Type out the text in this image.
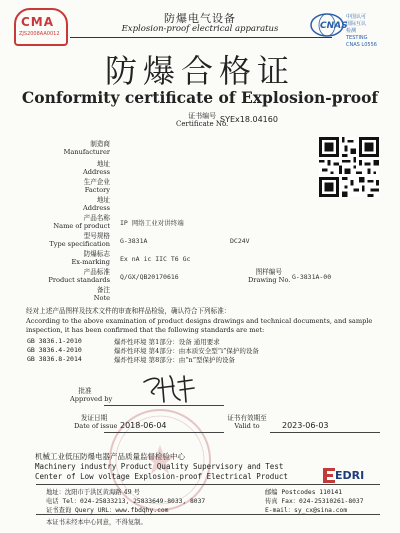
CMA
ZJS2008AA0012
CNAS
中国认可
国际互认
检测
TESTING
CNAS L0556
防爆电气设备
Explosion-proof electrical apparatus
防爆合格证
Conformity certificate of Explosion-proof
证书编号
Certificate No.
SYEx18.04160
制造商
Manufacturer
地址
Address
生产企业
Factory
地址
Address
产品名称
Name of product IP 网络工业对讲终端
型号规格
Type specification G-3831A	DC24V
防爆标志
Ex-marking Ex nA ic IIC T6 Gc
产品标准
Product standards Q/GX/QB20170616
图样编号
Drawing No. G-3831A-00
备注
Note
经对上述产品图样及技术文件的审查和样品检验，确认符合下列标准：
According to the above examination of product designs drawings and technical documents, and sample inspection, it has been confirmed that the following standards are met:
GB 3836.1-2010	爆炸性环境 第1部分：设备 通用要求
GB 3836.4-2010	爆炸性环境 第4部分：由本质安全型“i”保护的设备
GB 3836.8-2014	爆炸性环境 第8部分：由“n”型保护的设备
批准
Approved by
发证日期
Date of issue 2018-06-04
证书有效期至
Valid to	2023-06-03
机械工业低压防爆电器产品质量监督检验中心
Machinery industry Product Quality Supervisory and Test
Center of Low voltage Explosion-proof Electrical Product	EDRI
地址：沈阳市于洪区黄海路 49 号	邮编 Postcodes 110141
电话 Tel：024-25833213, 25833649-8033, 8037	传真 Fax：024-25310261-8037
证书查询 Query URL：www.fbdqhy.com	E-mail：sy_cx@sina.com
本证书未经本中心同意，不得复制。
